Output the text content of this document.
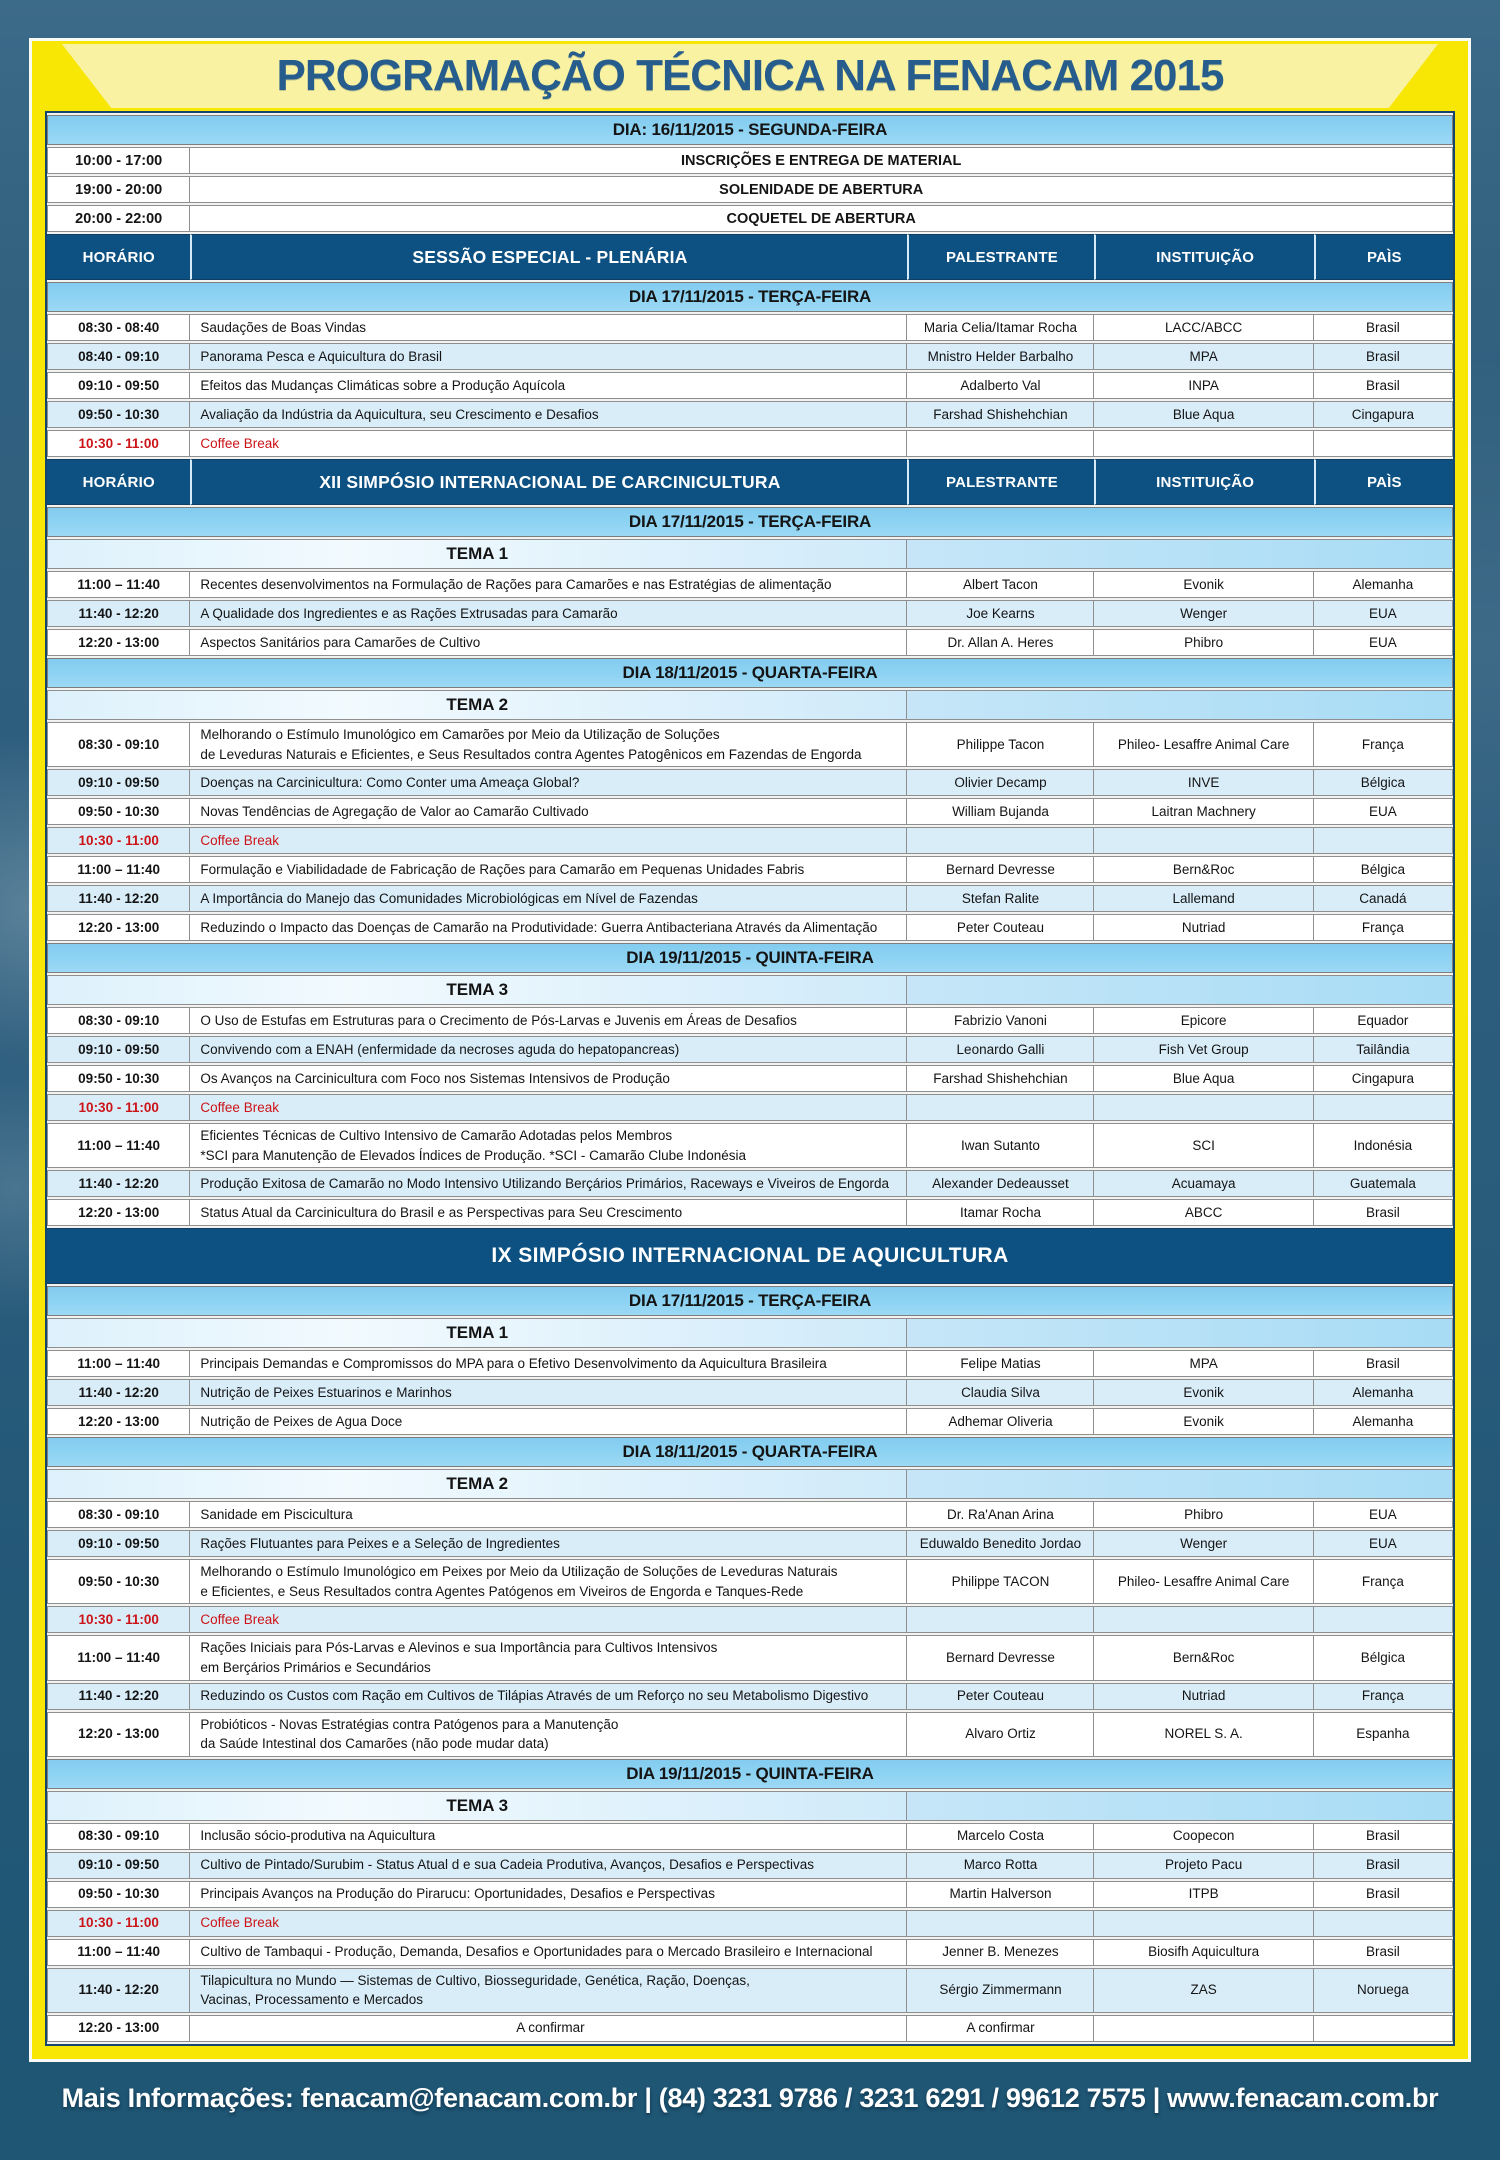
PROGRAMAÇÃO TÉCNICA NA FENACAM 2015
DIA: 16/11/2015 - SEGUNDA-FEIRA				
10:00 - 17:00	INSCRIÇÕES E ENTREGA DE MATERIAL			
19:00 - 20:00	SOLENIDADE DE ABERTURA			
20:00 - 22:00	COQUETEL DE ABERTURA			
HORÁRIO	SESSÃO ESPECIAL - PLENÁRIA	PALESTRANTE	INSTITUIÇÃO	PAÌS
DIA 17/11/2015 - TERÇA-FEIRA				
08:30 - 08:40	Saudações de Boas Vindas	Maria Celia/Itamar Rocha	LACC/ABCC	Brasil
08:40 - 09:10	Panorama Pesca e Aquicultura do Brasil	Mnistro Helder Barbalho	MPA	Brasil
09:10 - 09:50	Efeitos das Mudanças Climáticas sobre a Produção Aquícola	Adalberto Val	INPA	Brasil
09:50 - 10:30	Avaliação da Indústria da Aquicultura, seu Crescimento e Desafios	Farshad Shishehchian	Blue Aqua	Cingapura
10:30 - 11:00	Coffee Break			
HORÁRIO	XII SIMPÓSIO INTERNACIONAL DE CARCINICULTURA	PALESTRANTE	INSTITUIÇÃO	PAÌS
DIA 17/11/2015 - TERÇA-FEIRA				
TEMA 1				
11:00 – 11:40	Recentes desenvolvimentos na Formulação de Rações para Camarões e nas Estratégias de alimentação	Albert Tacon	Evonik	Alemanha
11:40 - 12:20	A Qualidade dos Ingredientes e as Rações Extrusadas para Camarão	Joe Kearns	Wenger	EUA
12:20 - 13:00	Aspectos Sanitários para Camarões de Cultivo	Dr. Allan A. Heres	Phibro	EUA
DIA 18/11/2015 - QUARTA-FEIRA				
TEMA 2				
08:30 - 09:10	Melhorando o Estímulo Imunológico em Camarões por Meio da Utilização de Soluções
de Leveduras Naturais e Eficientes, e Seus Resultados contra Agentes Patogênicos em Fazendas de Engorda	Philippe Tacon	Phileo- Lesaffre Animal Care	França
09:10 - 09:50	Doenças na Carcinicultura: Como Conter uma Ameaça Global?	Olivier Decamp	INVE	Bélgica
09:50 - 10:30	Novas Tendências de Agregação de Valor ao Camarão Cultivado	William Bujanda	Laitran Machnery	EUA
10:30 - 11:00	Coffee Break			
11:00 – 11:40	Formulação e Viabilidadade de Fabricação de Rações para Camarão em Pequenas Unidades Fabris	Bernard Devresse	Bern&Roc	Bélgica
11:40 - 12:20	A Importância do Manejo das Comunidades Microbiológicas em Nível de Fazendas	Stefan Ralite	Lallemand	Canadá
12:20 - 13:00	Reduzindo o Impacto das Doenças de Camarão na Produtividade: Guerra Antibacteriana Através da Alimentação	Peter Couteau	Nutriad	França
DIA 19/11/2015 - QUINTA-FEIRA				
TEMA 3				
08:30 - 09:10	O Uso de Estufas em Estruturas para o Crecimento de Pós-Larvas e Juvenis em Áreas de Desafios	Fabrizio Vanoni	Epicore	Equador
09:10 - 09:50	Convivendo com a ENAH (enfermidade da necroses aguda do hepatopancreas)	Leonardo Galli	Fish Vet Group	Tailândia
09:50 - 10:30	Os Avanços na Carcinicultura com Foco nos Sistemas Intensivos de Produção	Farshad Shishehchian	Blue Aqua	Cingapura
10:30 - 11:00	Coffee Break			
11:00 – 11:40	Eficientes Técnicas de Cultivo Intensivo de Camarão Adotadas pelos Membros
*SCI para Manutenção de Elevados Índices de Produção. *SCI - Camarão Clube Indonésia	Iwan Sutanto	SCI	Indonésia
11:40 - 12:20	Produção Exitosa de Camarão no Modo Intensivo Utilizando Berçários Primários, Raceways e Viveiros de Engorda	Alexander Dedeausset	Acuamaya	Guatemala
12:20 - 13:00	Status Atual da Carcinicultura do Brasil e as Perspectivas para Seu Crescimento	Itamar Rocha	ABCC	Brasil
IX SIMPÓSIO INTERNACIONAL DE AQUICULTURA				
DIA 17/11/2015 - TERÇA-FEIRA				
TEMA 1				
11:00 – 11:40	Principais Demandas e Compromissos do MPA para o Efetivo Desenvolvimento da Aquicultura Brasileira	Felipe Matias	MPA	Brasil
11:40 - 12:20	Nutrição de Peixes Estuarinos e Marinhos	Claudia Silva	Evonik	Alemanha
12:20 - 13:00	Nutrição de Peixes de Agua Doce	Adhemar Oliveria	Evonik	Alemanha
DIA 18/11/2015 - QUARTA-FEIRA				
TEMA 2				
08:30 - 09:10	Sanidade em Piscicultura	Dr. Ra'Anan Arina	Phibro	EUA
09:10 - 09:50	Rações Flutuantes para Peixes e a Seleção de Ingredientes	Eduwaldo Benedito Jordao	Wenger	EUA
09:50 - 10:30	Melhorando o Estímulo Imunológico em Peixes por Meio da Utilização de Soluções de Leveduras Naturais
e Eficientes, e Seus Resultados contra Agentes Patógenos em Viveiros de Engorda e Tanques-Rede	Philippe TACON	Phileo- Lesaffre Animal Care	França
10:30 - 11:00	Coffee Break			
11:00 – 11:40	Rações Iniciais para Pós-Larvas e Alevinos e sua Importância para Cultivos Intensivos
em Berçários Primários e Secundários	Bernard Devresse	Bern&Roc	Bélgica
11:40 - 12:20	Reduzindo os Custos com Ração em Cultivos de Tilápias Através de um Reforço no seu Metabolismo Digestivo	Peter Couteau	Nutriad	França
12:20 - 13:00	Probióticos - Novas Estratégias contra Patógenos para a Manutenção
da Saúde Intestinal dos Camarões (não pode mudar data)	Alvaro Ortiz	NOREL S. A.	Espanha
DIA 19/11/2015 - QUINTA-FEIRA				
TEMA 3				
08:30 - 09:10	Inclusão sócio-produtiva na Aquicultura	Marcelo Costa	Coopecon	Brasil
09:10 - 09:50	Cultivo de Pintado/Surubim - Status Atual d e sua Cadeia Produtiva, Avanços, Desafios e Perspectivas	Marco Rotta	Projeto Pacu	Brasil
09:50 - 10:30	Principais Avanços na Produção do Pirarucu: Oportunidades, Desafios e Perspectivas	Martin Halverson	ITPB	Brasil
10:30 - 11:00	Coffee Break			
11:00 – 11:40	Cultivo de Tambaqui - Produção, Demanda, Desafios e Oportunidades para o Mercado Brasileiro e Internacional	Jenner B. Menezes	Biosifh Aquicultura	Brasil
11:40 - 12:20	Tilapicultura no Mundo — Sistemas de Cultivo, Biosseguridade, Genética, Ração, Doenças,
Vacinas, Processamento e Mercados	Sérgio Zimmermann	ZAS	Noruega
12:20 - 13:00	A confirmar	A confirmar		
Mais Informações: fenacam@fenacam.com.br | (84) 3231 9786 / 3231 6291 / 99612 7575 | www.fenacam.com.br
